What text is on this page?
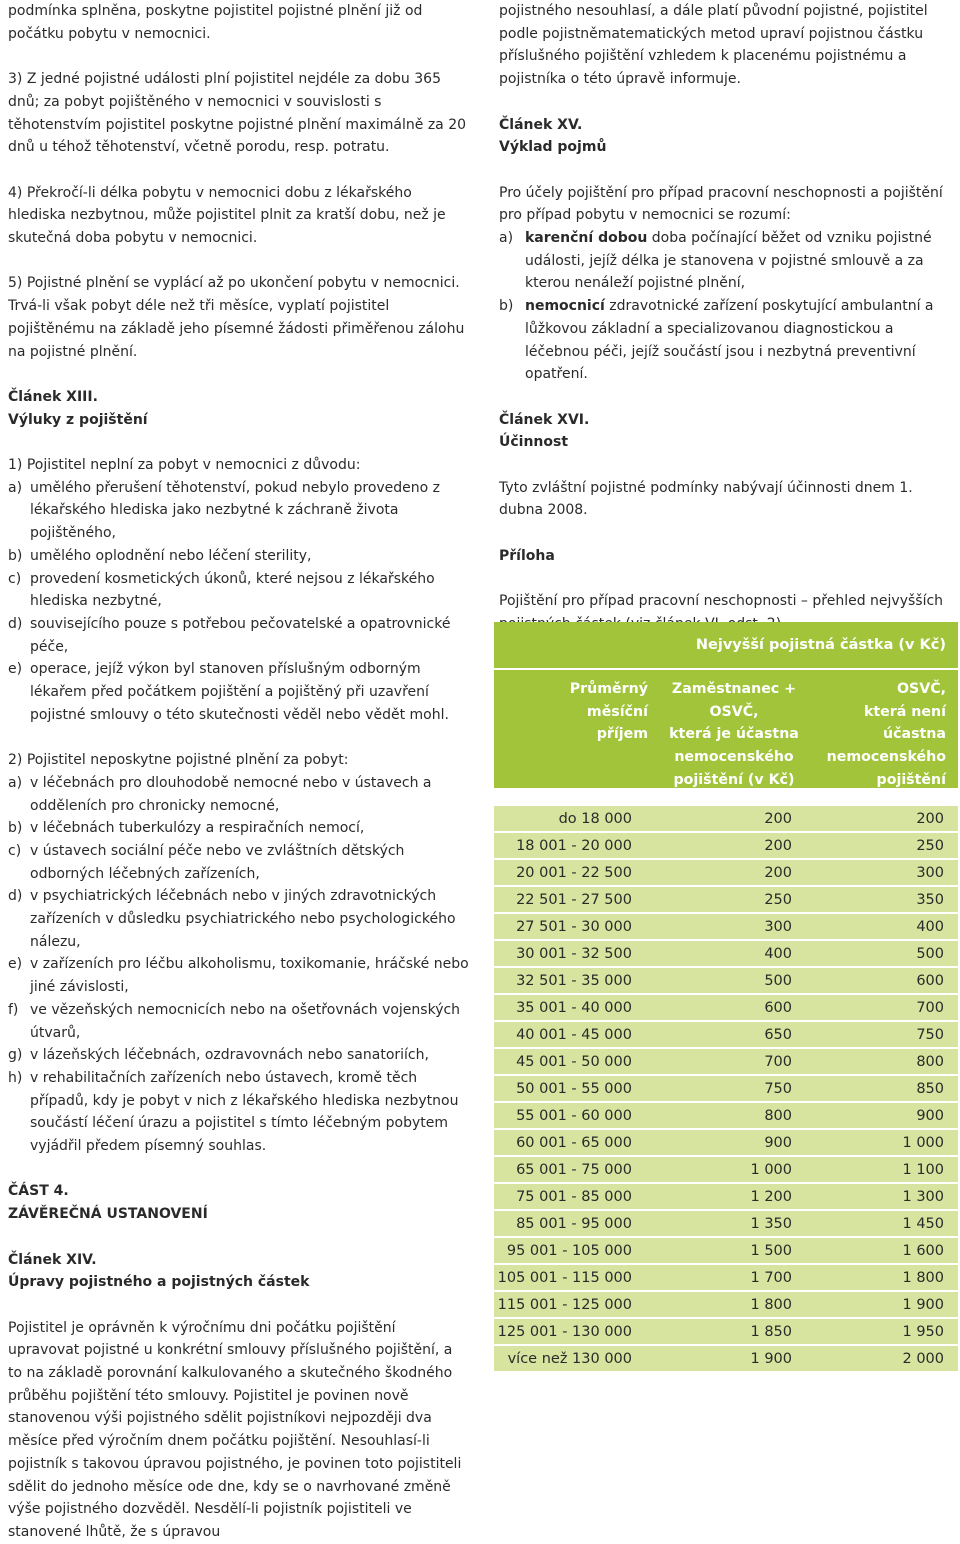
podmínka splněna, poskytne pojistitel pojistné plnění již od počátku pobytu v nemocnici.

3) Z jedné pojistné události plní pojistitel nejdéle za dobu 365 dnů; za pobyt pojištěného v nemocnici v souvislosti s těhotenstvím pojistitel poskytne pojistné plnění maximálně za 20 dnů u téhož těhotenství, včetně porodu, resp. potratu.

4) Překročí-li délka pobytu v nemocnici dobu z lékařského hlediska nezbytnou, může pojistitel plnit za kratší dobu, než je skutečná doba pobytu v nemocnici.

5) Pojistné plnění se vyplácí až po ukončení pobytu v nemocnici. Trvá-li však pobyt déle než tři měsíce, vyplatí pojistitel pojištěnému na základě jeho písemné žádosti přiměřenou zálohu na pojistné plnění.

Článek XIII.

Výluky z pojištění

1) Pojistitel neplní za pobyt v nemocnici z důvodu:

a) umělého přerušení těhotenství, pokud nebylo provedeno z lékařského hlediska jako nezbytné k záchraně života pojištěného,
b) umělého oplodnění nebo léčení sterility,
c) provedení kosmetických úkonů, které nejsou z lékařského hlediska nezbytné,
d) souvisejícího pouze s potřebou pečovatelské a opatrovnické péče,
e) operace, jejíž výkon byl stanoven příslušným odborným lékařem před počátkem pojištění a pojištěný při uzavření pojistné smlouvy o této skutečnosti věděl nebo vědět mohl.

2) Pojistitel neposkytne pojistné plnění za pobyt:

a) v léčebnách pro dlouhodobě nemocné nebo v ústavech a odděleních pro chronicky nemocné,
b) v léčebnách tuberkulózy a respiračních nemocí,
c) v ústavech sociální péče nebo ve zvláštních dětských odborných léčebných zařízeních,
d) v psychiatrických léčebnách nebo v jiných zdravotnických zařízeních v důsledku psychiatrického nebo psychologického nálezu,
e) v zařízeních pro léčbu alkoholismu, toxikomanie, hráčské nebo jiné závislosti,
f) ve vězeňských nemocnicích nebo na ošetřovnách vojenských útvarů,
g) v lázeňských léčebnách, ozdravovnách nebo sanatoriích,
h) v rehabilitačních zařízeních nebo ústavech, kromě těch případů, kdy je pobyt v nich z lékařského hlediska nezbytnou součástí léčení úrazu a pojistitel s tímto léčebným pobytem vyjádřil předem písemný souhlas.

ČÁST 4.

ZÁVĚREČNÁ USTANOVENÍ

Článek XIV.

Úpravy pojistného a pojistných částek

Pojistitel je oprávněn k výročnímu dni počátku pojištění upravovat pojistné u konkrétní smlouvy příslušného pojištění, a to na základě porovnání kalkulovaného a skutečného škodného průběhu pojištění této smlouvy. Pojistitel je povinen nově stanovenou výši pojistného sdělit pojistníkovi nejpozději dva měsíce před výročním dnem počátku pojištění. Nesouhlasí-li pojistník s takovou úpravou pojistného, je povinen toto pojistiteli sdělit do jednoho měsíce ode dne, kdy se o navrhované změně výše pojistného dozvěděl. Nesdělí-li pojistník pojistiteli ve stanovené lhůtě, že s úpravou

pojistného nesouhlasí, a dále platí původní pojistné, pojistitel podle pojistněmatematických metod upraví pojistnou částku příslušného pojištění vzhledem k placenému pojistnému a pojistníka o této úpravě informuje.

Článek XV.

Výklad pojmů

Pro účely pojištění pro případ pracovní neschopnosti a pojištění pro případ pobytu v nemocnici se rozumí:

a) karenční dobou doba počínající běžet od vzniku pojistné události, jejíž délka je stanovena v pojistné smlouvě a za kterou nenáleží pojistné plnění,
b) nemocnicí zdravotnické zařízení poskytující ambulantní a lůžkovou základní a specializovanou diagnostickou a léčebnou péči, jejíž součástí jsou i nezbytná preventivní opatření.

Článek XVI.

Účinnost

Tyto zvláštní pojistné podmínky nabývají účinnosti dnem 1. dubna 2008.

Příloha

Pojištění pro případ pracovní neschopnosti – přehled nejvyšších

Nejvyšší pojistná částka (v Kč)
Průměrný
měsíční
příjem
Zaměstnanec + OSVČ,
která je účastna
nemocenského
pojištění (v Kč)
OSVČ,
která není účastna
nemocenského
pojištění
do 18 000	200	200
18 001 - 20 000	200	250
20 001 - 22 500	200	300
22 501 - 27 500	250	350
27 501 - 30 000	300	400
30 001 - 32 500	400	500
32 501 - 35 000	500	600
35 001 - 40 000	600	700
40 001 - 45 000	650	750
45 001 - 50 000	700	800
50 001 - 55 000	750	850
55 001 - 60 000	800	900
60 001 - 65 000	900	1 000
65 001 - 75 000	1 000	1 100
75 001 - 85 000	1 200	1 300
85 001 - 95 000	1 350	1 450
95 001 - 105 000	1 500	1 600
105 001 - 115 000	1 700	1 800
115 001 - 125 000	1 800	1 900
125 001 - 130 000	1 850	1 950
více než 130 000	1 900	2 000
